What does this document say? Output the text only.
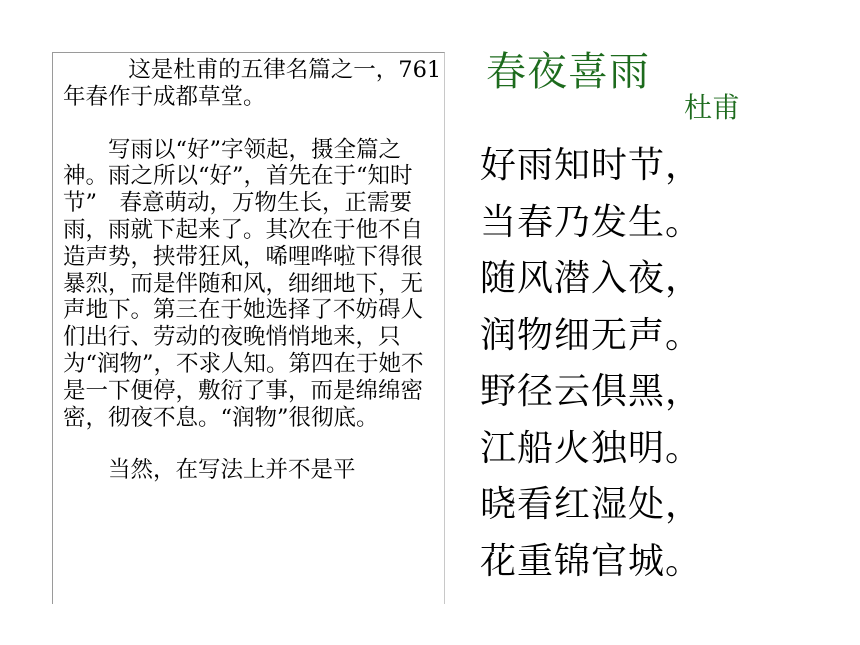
这是杜甫的五律名篇之一，761年春作于成都草堂。

写雨以“好”字领起，摄全篇之神。雨之所以“好”，首先在于“知时节”　春意萌动，万物生长，正需要雨，雨就下起来了。其次在于他不自造声势，挟带狂风，唏哩哗啦下得很暴烈，而是伴随和风，细细地下，无声地下。第三在于她选择了不妨碍人们出行、劳动的夜晚悄悄地来，只为“润物”，不求人知。第四在于她不是一下便停，敷衍了事，而是绵绵密密，彻夜不息。“润物”很彻底。

当然，在写法上并不是平

春夜喜雨
杜甫
好雨知时节，
当春乃发生。
随风潜入夜，
润物细无声。
野径云俱黑，
江船火独明。
晓看红湿处，
花重锦官城。
